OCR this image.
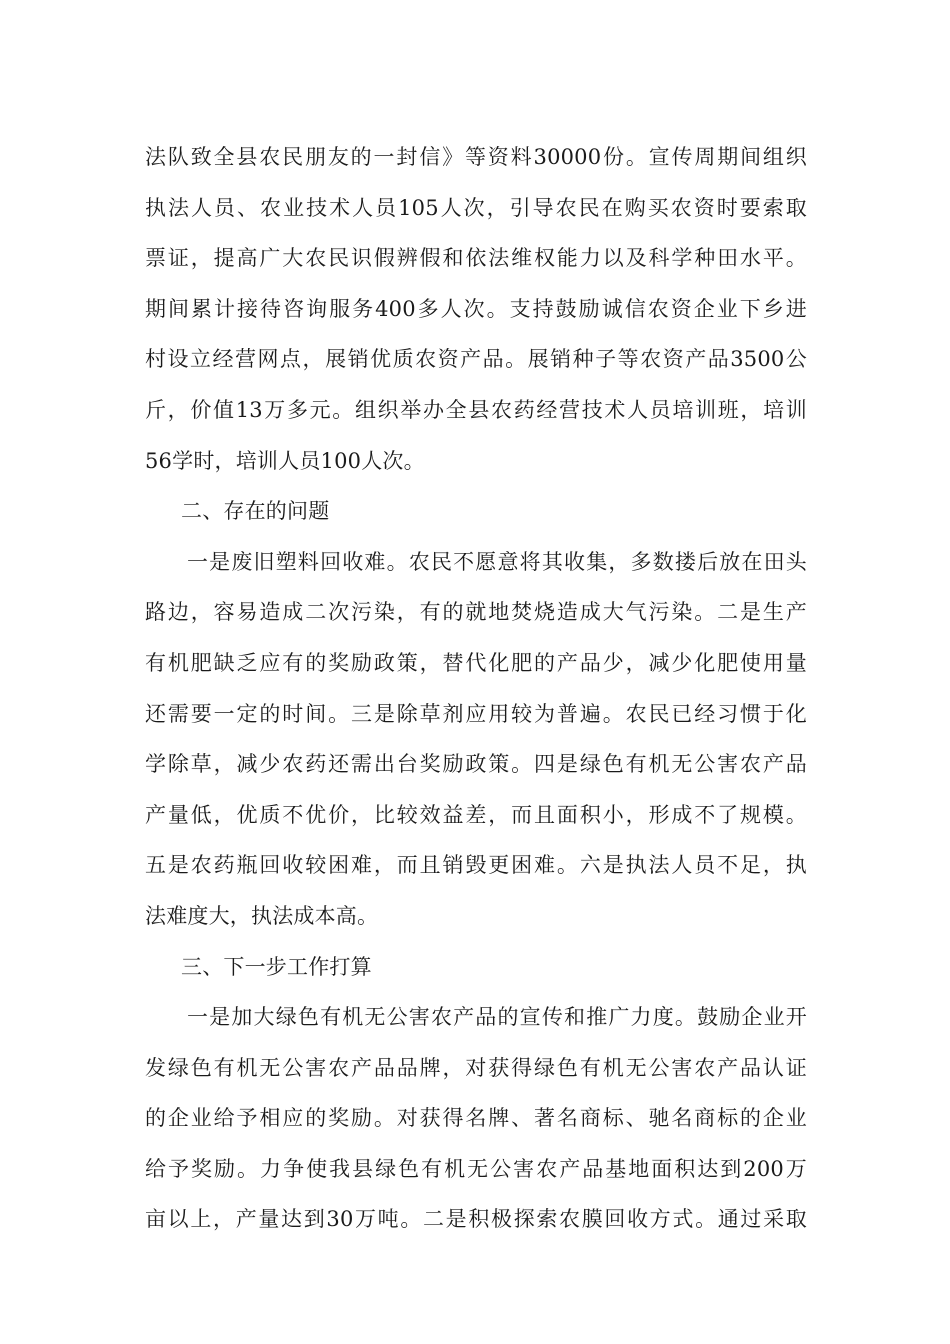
法队致全县农民朋友的一封信》等资料30000份。宣传周期间组织
执法人员、农业技术人员105人次，引导农民在购买农资时要索取
票证，提高广大农民识假辨假和依法维权能力以及科学种田水平。
期间累计接待咨询服务400多人次。支持鼓励诚信农资企业下乡进
村设立经营网点，展销优质农资产品。展销种子等农资产品3500公
斤，价值13万多元。组织举办全县农药经营技术人员培训班，培训
56学时，培训人员100人次。
二、存在的问题
一是废旧塑料回收难。农民不愿意将其收集，多数搂后放在田头
路边，容易造成二次污染，有的就地焚烧造成大气污染。二是生产
有机肥缺乏应有的奖励政策，替代化肥的产品少，减少化肥使用量
还需要一定的时间。三是除草剂应用较为普遍。农民已经习惯于化
学除草，减少农药还需出台奖励政策。四是绿色有机无公害农产品
产量低，优质不优价，比较效益差，而且面积小，形成不了规模。
五是农药瓶回收较困难，而且销毁更困难。六是执法人员不足，执
法难度大，执法成本高。
三、下一步工作打算
一是加大绿色有机无公害农产品的宣传和推广力度。鼓励企业开
发绿色有机无公害农产品品牌，对获得绿色有机无公害农产品认证
的企业给予相应的奖励。对获得名牌、著名商标、驰名商标的企业
给予奖励。力争使我县绿色有机无公害农产品基地面积达到200万
亩以上，产量达到30万吨。二是积极探索农膜回收方式。通过采取
